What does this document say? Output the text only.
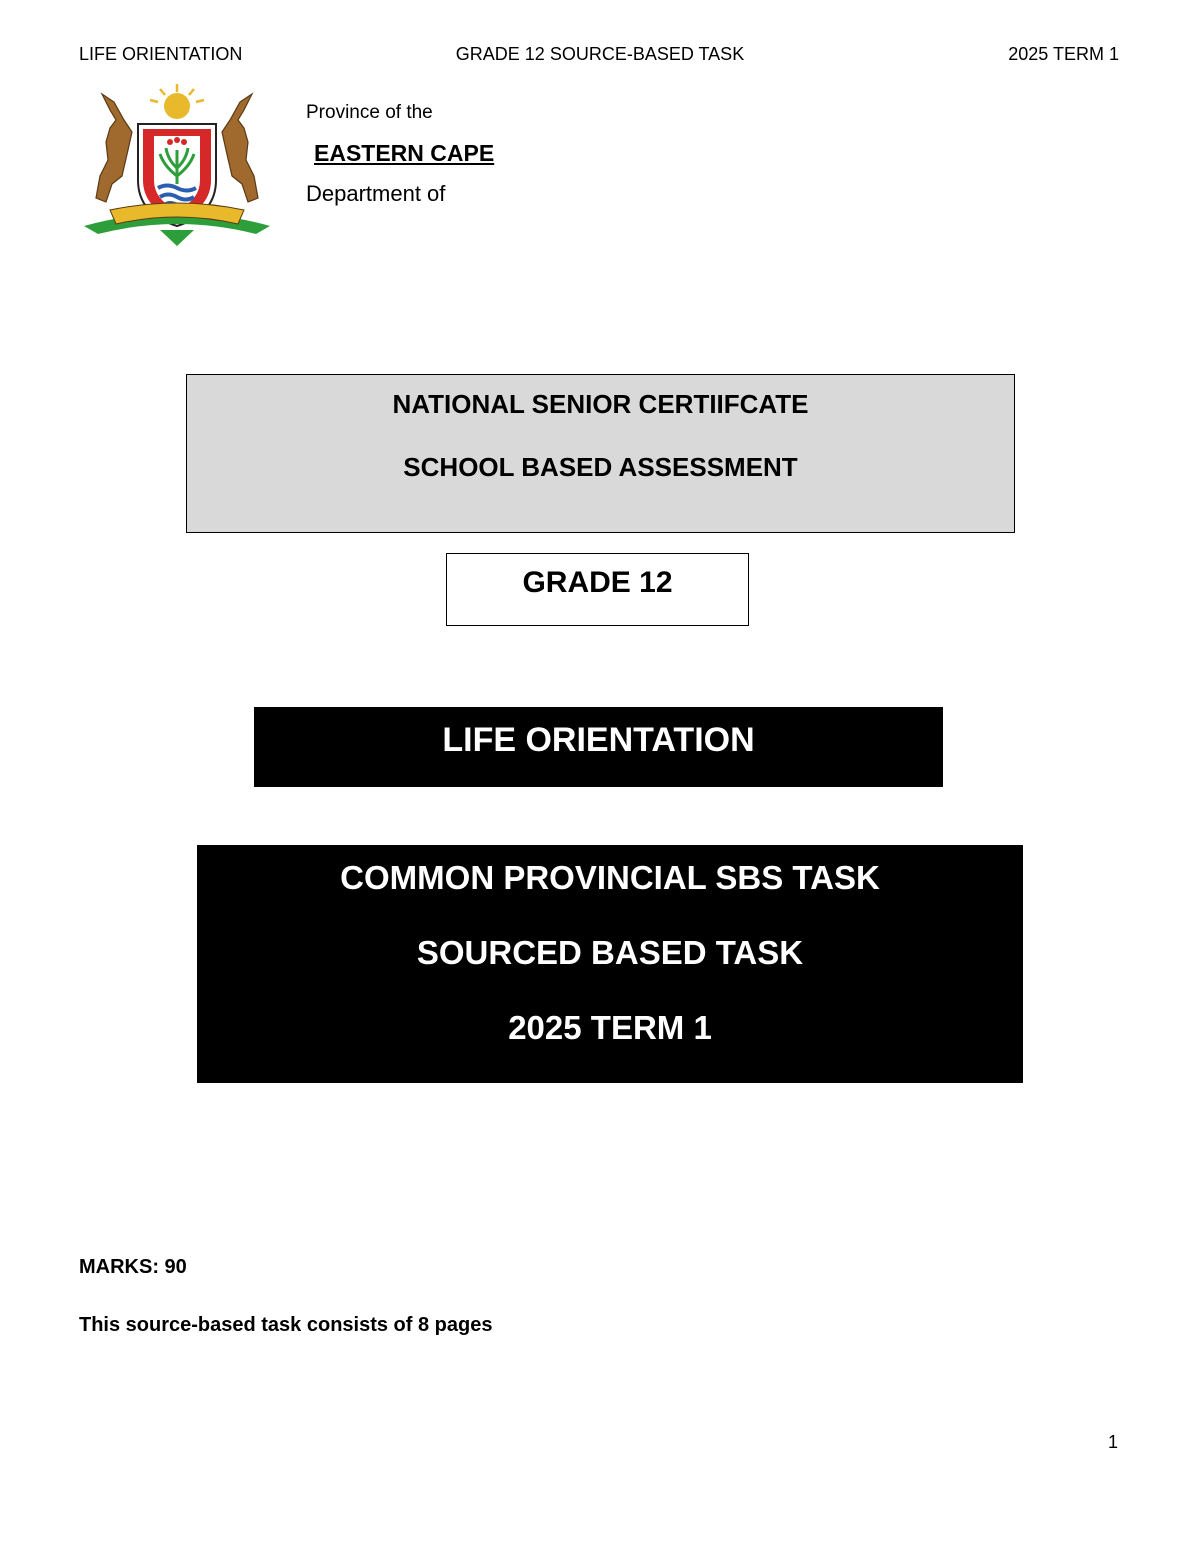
LIFE ORIENTATION	GRADE 12 SOURCE-BASED TASK	2025 TERM 1
Province of the
EASTERN CAPE
Department of
NATIONAL SENIOR CERTIIFCATE
SCHOOL BASED ASSESSMENT
GRADE 12
LIFE ORIENTATION
COMMON PROVINCIAL SBS TASK
SOURCED BASED TASK
2025 TERM 1
MARKS: 90
This source-based task consists of 8 pages
1
